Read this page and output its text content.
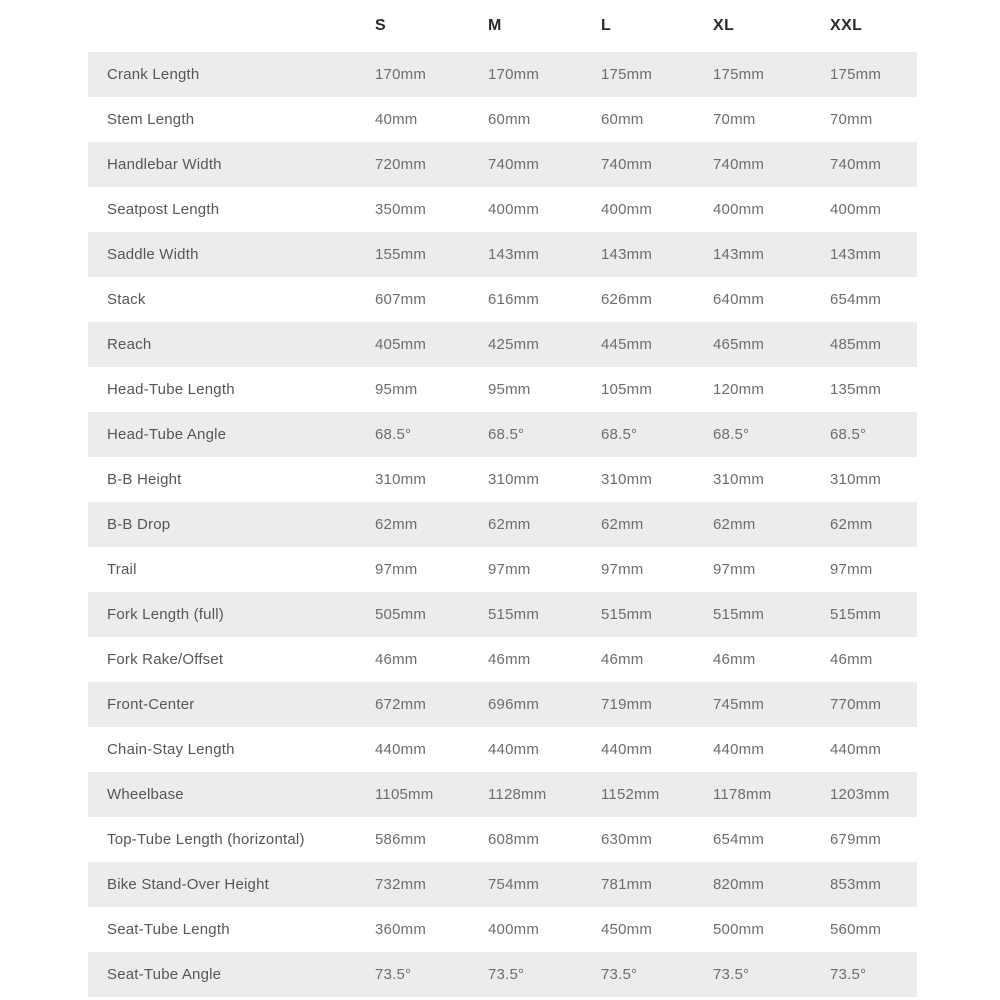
	S	M	L	XL	XXL
Crank Length	170mm	170mm	175mm	175mm	175mm
Stem Length	40mm	60mm	60mm	70mm	70mm
Handlebar Width	720mm	740mm	740mm	740mm	740mm
Seatpost Length	350mm	400mm	400mm	400mm	400mm
Saddle Width	155mm	143mm	143mm	143mm	143mm
Stack	607mm	616mm	626mm	640mm	654mm
Reach	405mm	425mm	445mm	465mm	485mm
Head-Tube Length	95mm	95mm	105mm	120mm	135mm
Head-Tube Angle	68.5°	68.5°	68.5°	68.5°	68.5°
B-B Height	310mm	310mm	310mm	310mm	310mm
B-B Drop	62mm	62mm	62mm	62mm	62mm
Trail	97mm	97mm	97mm	97mm	97mm
Fork Length (full)	505mm	515mm	515mm	515mm	515mm
Fork Rake/Offset	46mm	46mm	46mm	46mm	46mm
Front-Center	672mm	696mm	719mm	745mm	770mm
Chain-Stay Length	440mm	440mm	440mm	440mm	440mm
Wheelbase	1105mm	1128mm	1152mm	1178mm	1203mm
Top-Tube Length (horizontal)	586mm	608mm	630mm	654mm	679mm
Bike Stand-Over Height	732mm	754mm	781mm	820mm	853mm
Seat-Tube Length	360mm	400mm	450mm	500mm	560mm
Seat-Tube Angle	73.5°	73.5°	73.5°	73.5°	73.5°
